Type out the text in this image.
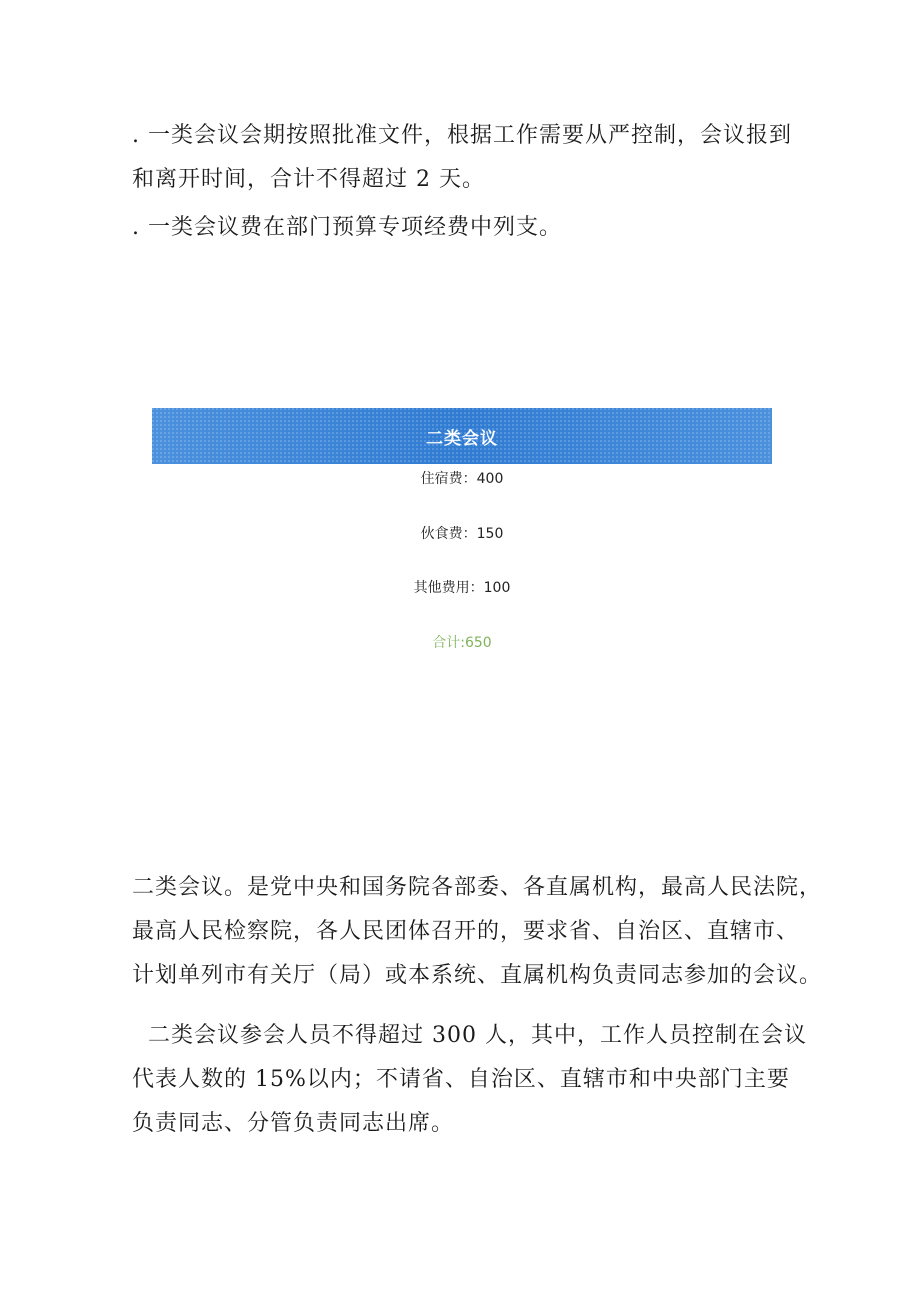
. 一类会议会期按照批准文件，根据工作需要从严控制，会议报到
和离开时间，合计不得超过 2 天。

. 一类会议费在部门预算专项经费中列支。

二类会议
住宿费：400
伙食费：150
其他费用：100
合计:650

二类会议。是党中央和国务院各部委、各直属机构，最高人民法院，
最高人民检察院，各人民团体召开的，要求省、自治区、直辖市、
计划单列市有关厅（局）或本系统、直属机构负责同志参加的会议。

二类会议参会人员不得超过 300 人，其中，工作人员控制在会议
代表人数的 15%以内；不请省、自治区、直辖市和中央部门主要
负责同志、分管负责同志出席。
